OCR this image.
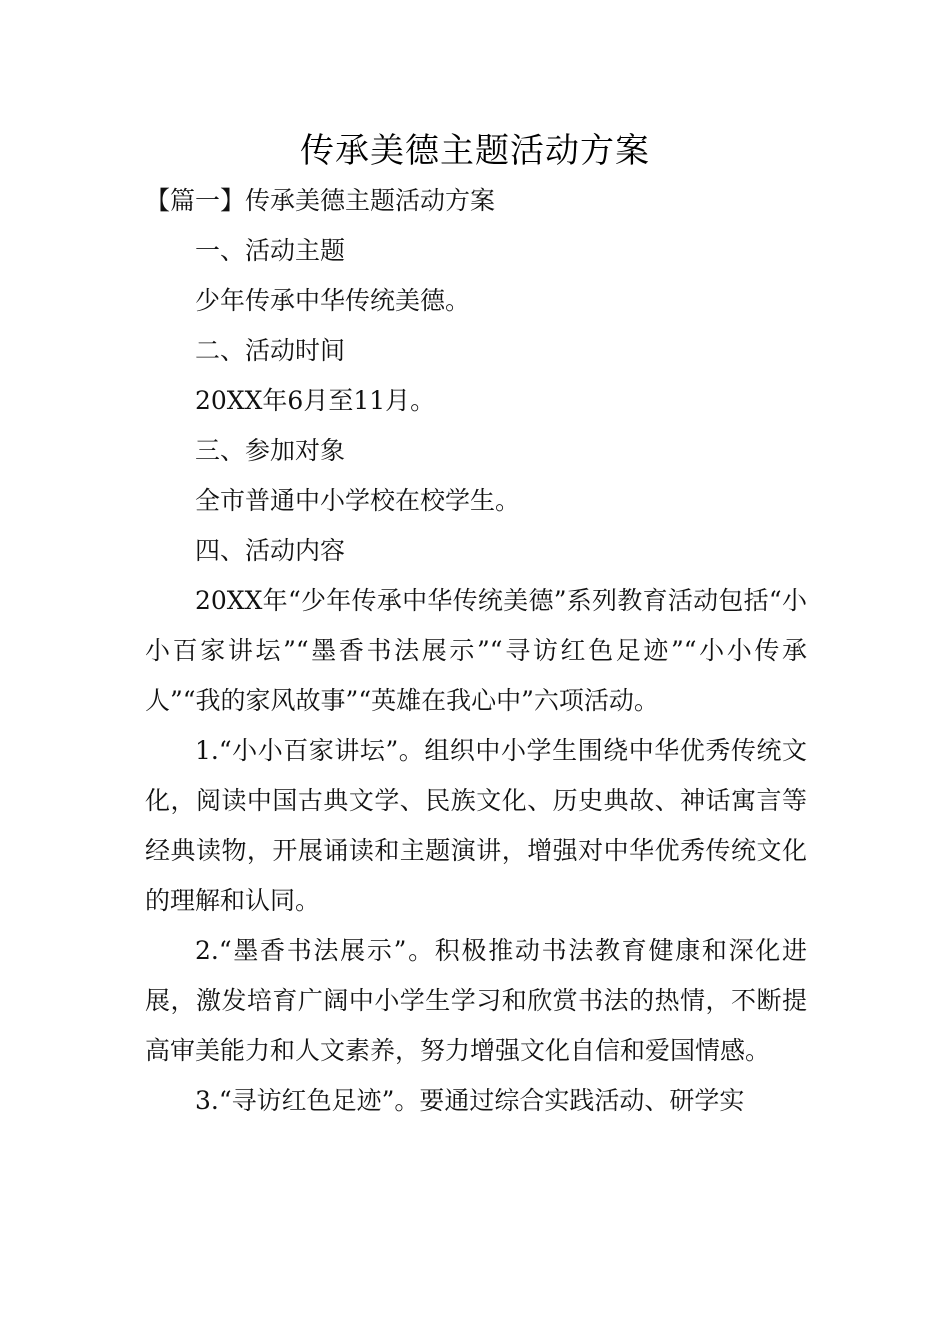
传承美德主题活动方案
【篇一】传承美德主题活动方案
一、活动主题
少年传承中华传统美德。
二、活动时间
20XX年6月至11月。
三、参加对象
全市普通中小学校在校学生。
四、活动内容

20XX年“少年传承中华传统美德”系列教育活动包括“小小百家讲坛”“墨香书法展示”“寻访红色足迹”“小小传承人”“我的家风故事”“英雄在我心中”六项活动。

1.“小小百家讲坛”。组织中小学生围绕中华优秀传统文化，阅读中国古典文学、民族文化、历史典故、神话寓言等经典读物，开展诵读和主题演讲，增强对中华优秀传统文化的理解和认同。

2.“墨香书法展示”。积极推动书法教育健康和深化进展，激发培育广阔中小学生学习和欣赏书法的热情，不断提高审美能力和人文素养，努力增强文化自信和爱国情感。

3.“寻访红色足迹”。要通过综合实践活动、研学实
